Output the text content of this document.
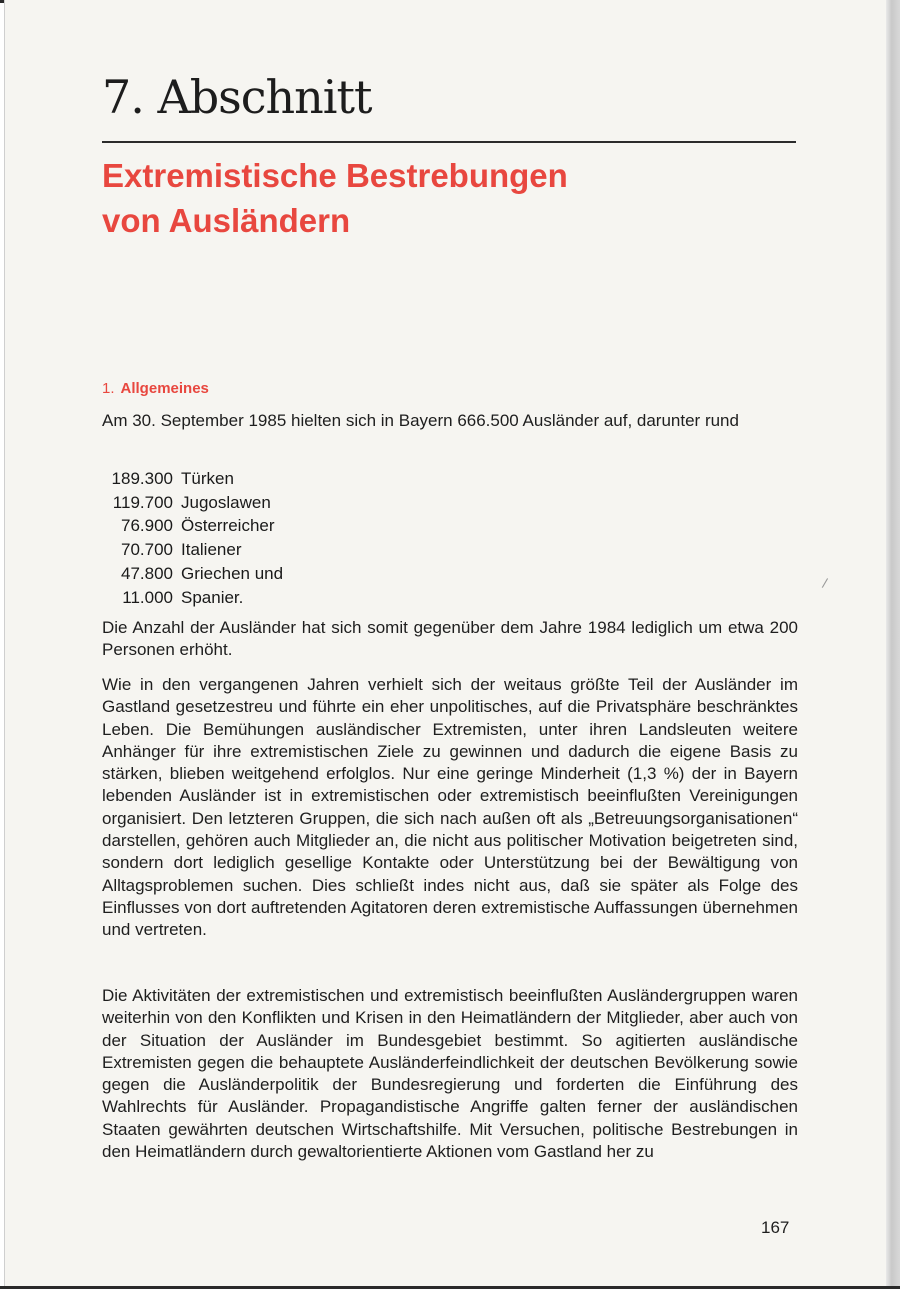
7. Abschnitt
Extremistische Bestrebungen
von Ausländern
1. Allgemeines

Am 30. September 1985 hielten sich in Bayern 666.500 Ausländer auf, darunter rund

189.300 Türken
119.700 Jugoslawen
76.900 Österreicher
70.700 Italiener
47.800 Griechen und
11.000 Spanier.

Die Anzahl der Ausländer hat sich somit gegenüber dem Jahre 1984 lediglich um etwa 200 Personen erhöht.

Wie in den vergangenen Jahren verhielt sich der weitaus größte Teil der Ausländer im Gastland gesetzestreu und führte ein eher unpolitisches, auf die Privatsphäre beschränktes Leben. Die Bemühungen ausländischer Extremisten, unter ihren Landsleuten weitere Anhänger für ihre extremistischen Ziele zu gewinnen und dadurch die eigene Basis zu stärken, blieben weitgehend erfolglos. Nur eine geringe Minderheit (1,3 %) der in Bayern lebenden Ausländer ist in extremistischen oder extremistisch beeinflußten Vereinigungen organisiert. Den letzteren Gruppen, die sich nach außen oft als „Betreuungsorganisationen“ darstellen, gehören auch Mitglieder an, die nicht aus politischer Motivation beigetreten sind, sondern dort lediglich gesellige Kontakte oder Unterstützung bei der Bewältigung von Alltagsproblemen suchen. Dies schließt indes nicht aus, daß sie später als Folge des Einflusses von dort auftretenden Agitatoren deren extremistische Auffassungen übernehmen und vertreten.

Die Aktivitäten der extremistischen und extremistisch beeinflußten Ausländergruppen waren weiterhin von den Konflikten und Krisen in den Heimatländern der Mitglieder, aber auch von der Situation der Ausländer im Bundesgebiet bestimmt. So agitierten ausländische Extremisten gegen die behauptete Ausländerfeindlichkeit der deutschen Bevölkerung sowie gegen die Ausländerpolitik der Bundesregierung und forderten die Einführung des Wahlrechts für Ausländer. Propagandistische Angriffe galten ferner der ausländischen Staaten gewährten deutschen Wirtschaftshilfe. Mit Versuchen, politische Bestrebungen in den Heimatländern durch gewaltorientierte Aktionen vom Gastland her zu

167
/
